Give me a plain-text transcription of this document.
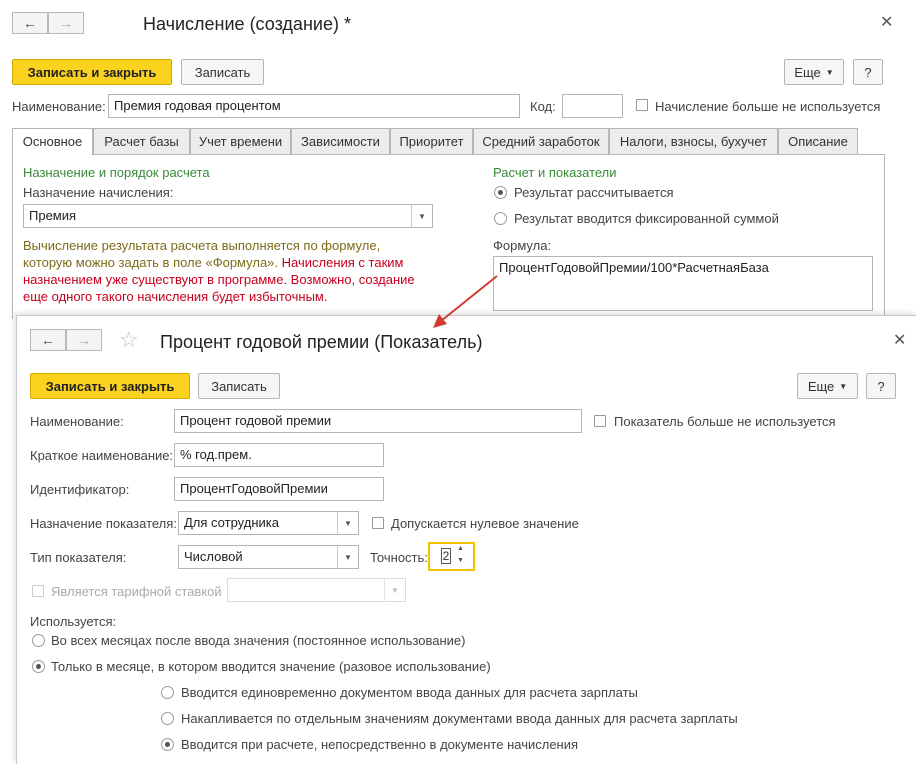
← →	Начисление (создание) *	✕
Записать и закрыть	Записать	Еще ▼	?
Наименование: Премия годовая процентом	Код:	Начисление больше не используется
Основное	Расчет базы	Учет времени	Зависимости	Приоритет	Средний заработок	Налоги, взносы, бухучет	Описание
Назначение и порядок расчета
Назначение начисления:
Премия	▼
Вычисление результата расчета выполняется по формуле,
которую можно задать в поле «Формула». Начисления с таким
назначением уже существуют в программе. Возможно, создание
еще одного такого начисления будет избыточным.
Расчет и показатели
Результат рассчитывается
Результат вводится фиксированной суммой
Формула:
ПроцентГодовойПремии/100*РасчетнаяБаза
← → ☆ Процент годовой премии (Показатель)	✕
Записать и закрыть	Записать	Еще ▼	?
Наименование:	Процент годовой премии	Показатель больше не используется
Краткое наименование: % год.прем.
Идентификатор:	ПроцентГодовойПремии
Назначение показателя: Для сотрудника	▼	Допускается нулевое значение
Тип показателя:	Числовой	▼	Точность: 2
▲
▼
Является тарифной ставкой	▼
Используется:
Во всех месяцах после ввода значения (постоянное использование)
Только в месяце, в котором вводится значение (разовое использование)
Вводится единовременно документом ввода данных для расчета зарплаты
Накапливается по отдельным значениям документами ввода данных для расчета зарплаты
Вводится при расчете, непосредственно в документе начисления
